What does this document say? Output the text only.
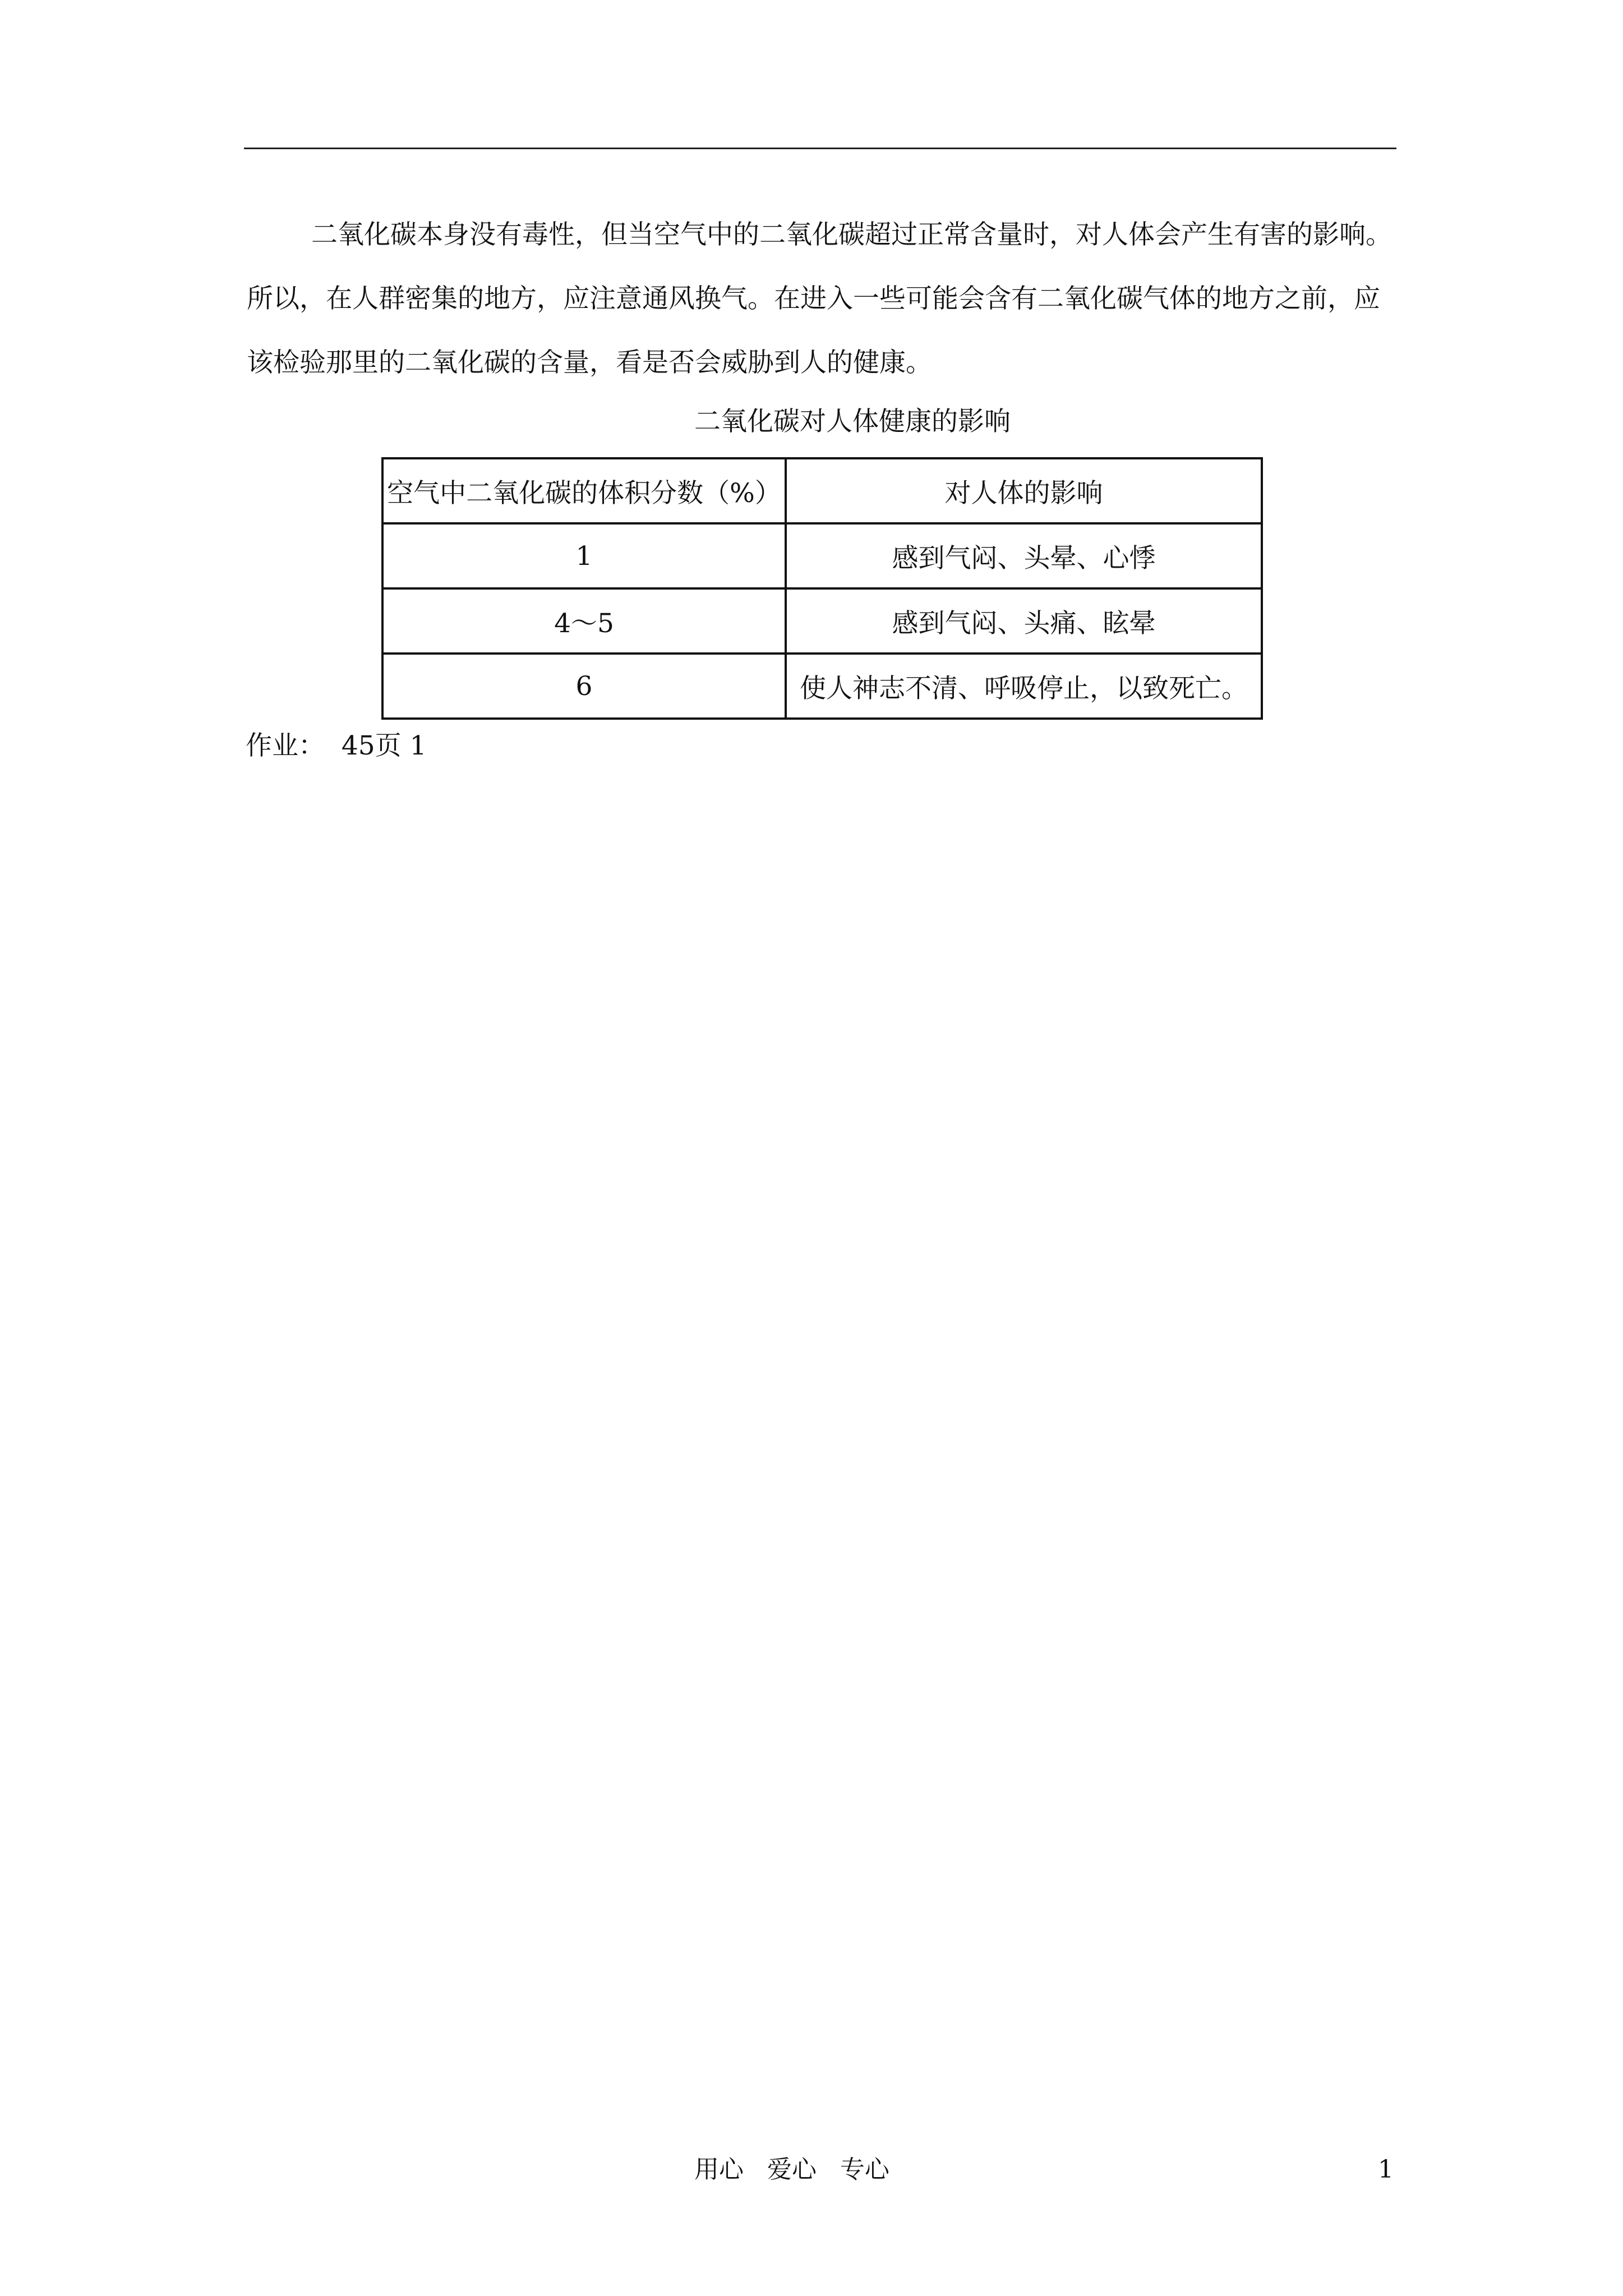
二氧化碳本身没有毒性，但当空气中的二氧化碳超过正常含量时，对人体会产生有害的影响。所以，在人群密集的地方，应注意通风换气。在进入一些可能会含有二氧化碳气体的地方之前，应该检验那里的二氧化碳的含量，看是否会威胁到人的健康。

二氧化碳对人体健康的影响
空气中二氧化碳的体积分数（%）	对人体的影响
1	感到气闷、头晕、心悸
4～5	感到气闷、头痛、眩晕
6	使人神志不清、呼吸停止，以致死亡。
作业：  45页 1
用心   爱心   专心	1
